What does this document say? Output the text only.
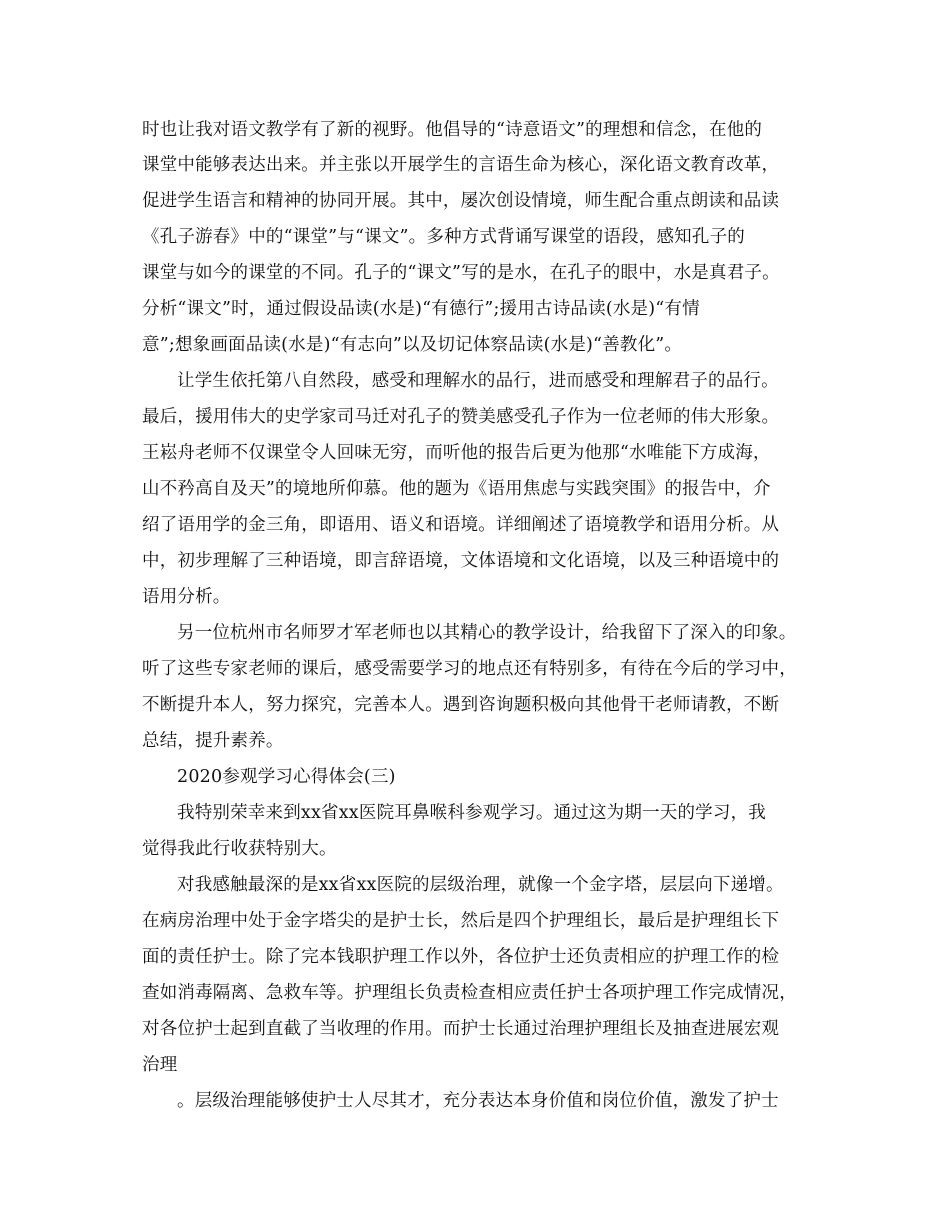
时也让我对语文教学有了新的视野。他倡导的“诗意语文”的理想和信念，在他的
课堂中能够表达出来。并主张以开展学生的言语生命为核心，深化语文教育改革，
促进学生语言和精神的协同开展。其中，屡次创设情境，师生配合重点朗读和品读
《孔子游春》中的“课堂”与“课文”。多种方式背诵写课堂的语段，感知孔子的
课堂与如今的课堂的不同。孔子的“课文”写的是水，在孔子的眼中，水是真君子。
分析“课文”时，通过假设品读(水是)“有德行”;援用古诗品读(水是)“有情
意”;想象画面品读(水是)“有志向”以及切记体察品读(水是)“善教化”。
让学生依托第八自然段，感受和理解水的品行，进而感受和理解君子的品行。
最后，援用伟大的史学家司马迁对孔子的赞美感受孔子作为一位老师的伟大形象。
王崧舟老师不仅课堂令人回味无穷，而听他的报告后更为他那“水唯能下方成海，
山不矜高自及天”的境地所仰慕。他的题为《语用焦虑与实践突围》的报告中，介
绍了语用学的金三角，即语用、语义和语境。详细阐述了语境教学和语用分析。从
中，初步理解了三种语境，即言辞语境，文体语境和文化语境，以及三种语境中的
语用分析。
另一位杭州市名师罗才军老师也以其精心的教学设计，给我留下了深入的印象。
听了这些专家老师的课后，感受需要学习的地点还有特别多，有待在今后的学习中，
不断提升本人，努力探究，完善本人。遇到咨询题积极向其他骨干老师请教，不断
总结，提升素养。
2020参观学习心得体会(三)
我特别荣幸来到xx省xx医院耳鼻喉科参观学习。通过这为期一天的学习，我
觉得我此行收获特别大。
对我感触最深的是xx省xx医院的层级治理，就像一个金字塔，层层向下递增。
在病房治理中处于金字塔尖的是护士长，然后是四个护理组长，最后是护理组长下
面的责任护士。除了完本钱职护理工作以外，各位护士还负责相应的护理工作的检
查如消毒隔离、急救车等。护理组长负责检查相应责任护士各项护理工作完成情况，
对各位护士起到直截了当收理的作用。而护士长通过治理护理组长及抽查进展宏观
治理
。层级治理能够使护士人尽其才，充分表达本身价值和岗位价值，激发了护士
